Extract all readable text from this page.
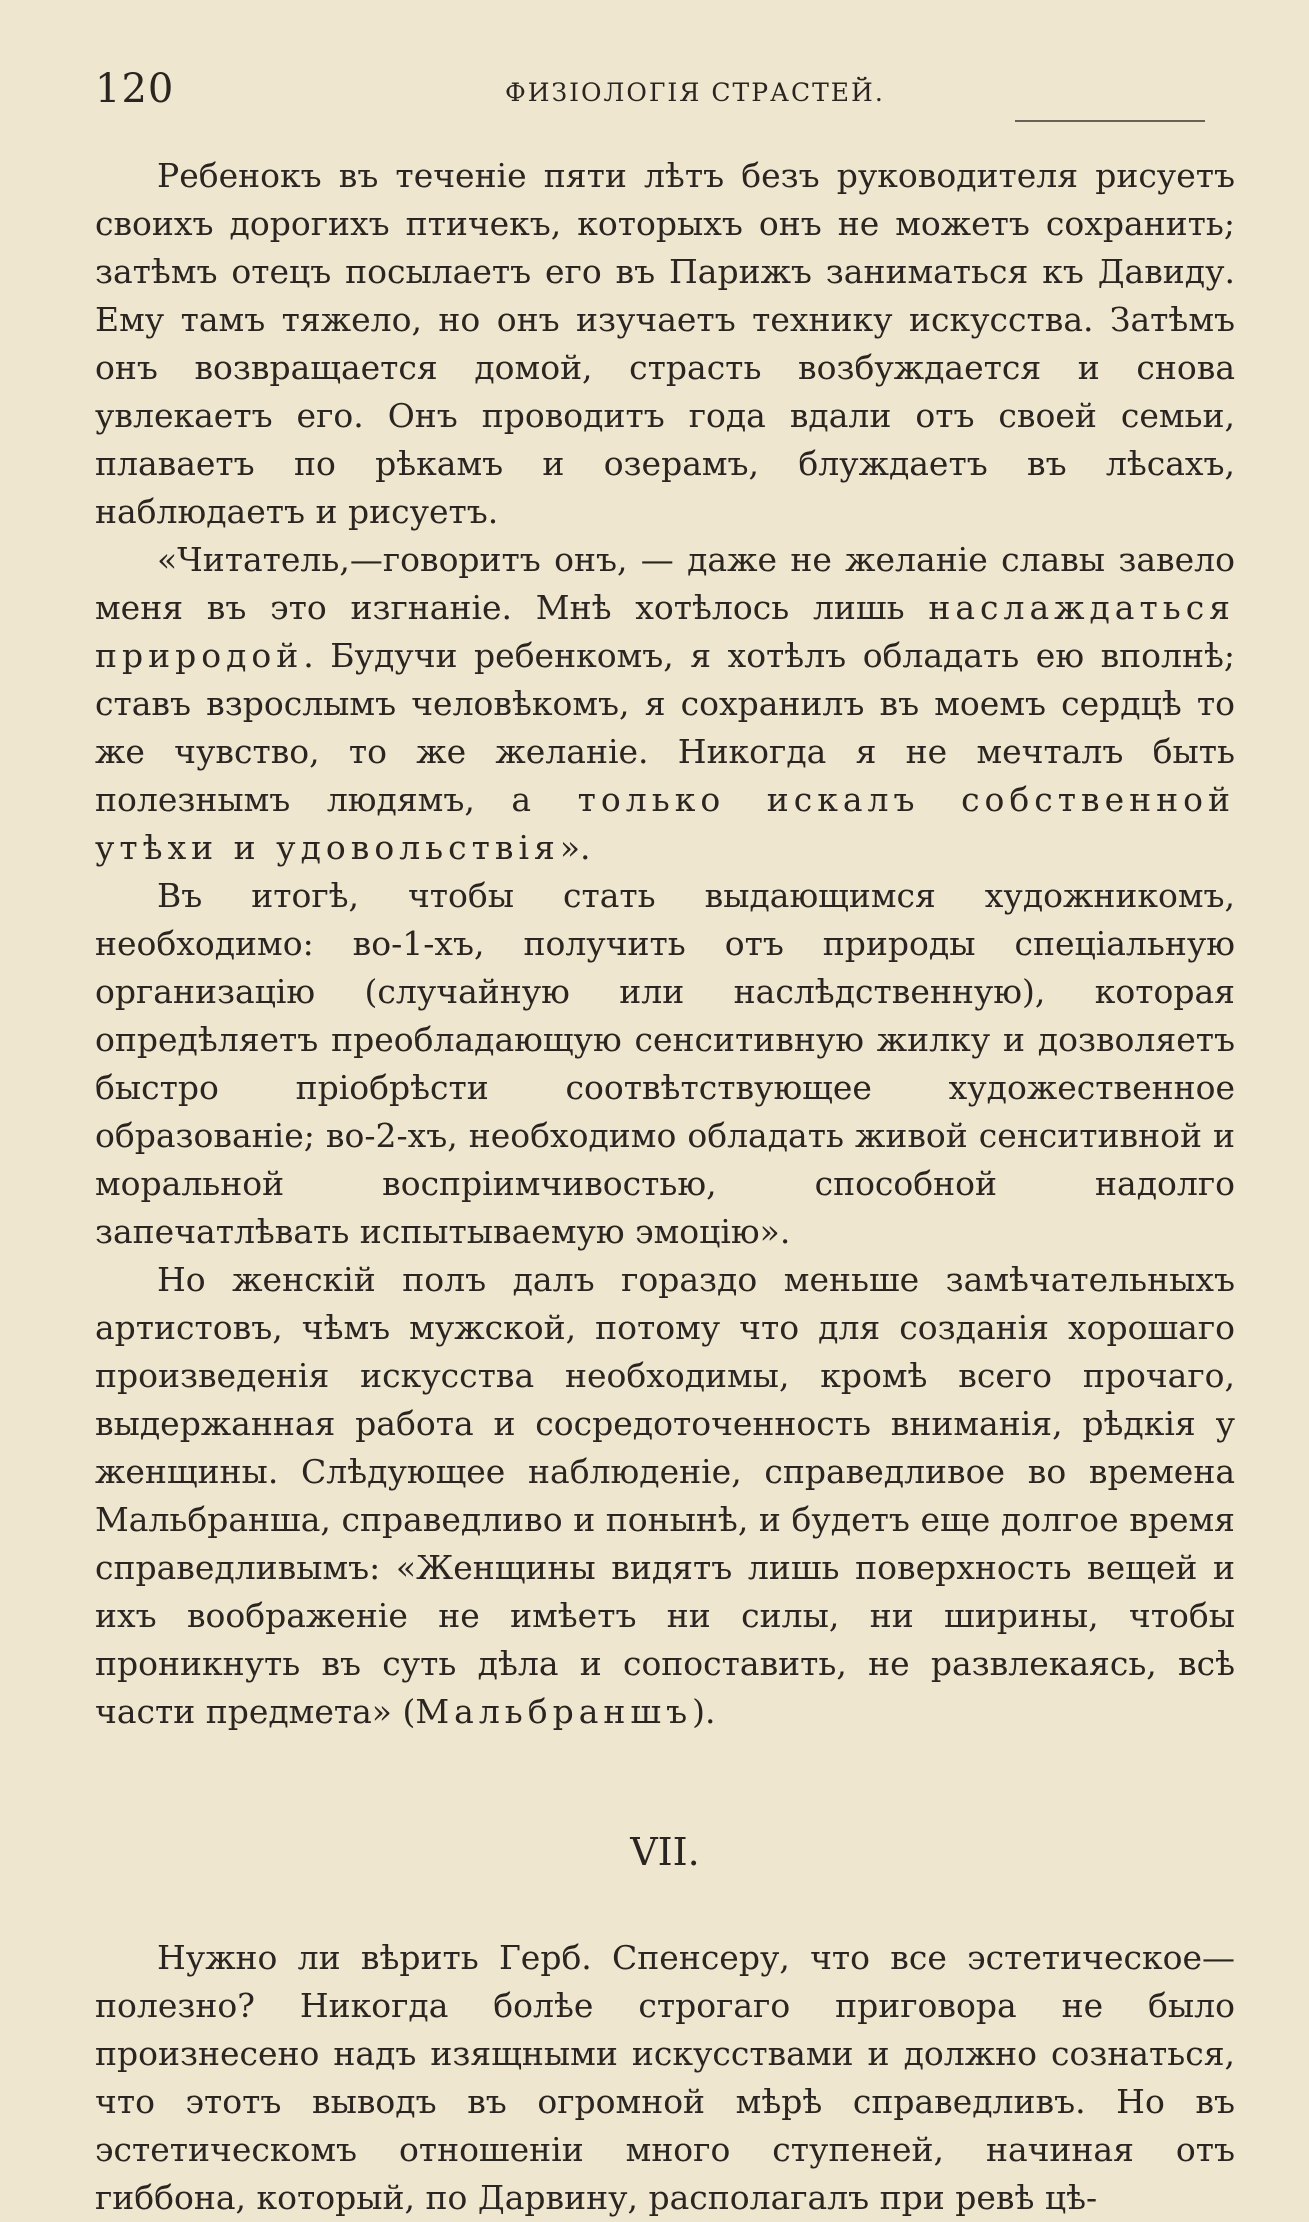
120	ФИЗІОЛОГІЯ СТРАСТЕЙ.

Ребенокъ въ теченіе пяти лѣтъ безъ руководителя рисуетъ своихъ дорогихъ птичекъ, которыхъ онъ не можетъ сохранить; затѣмъ отецъ посылаетъ его въ Парижъ заниматься къ Давиду. Ему тамъ тяжело, но онъ изучаетъ технику искусства. Затѣмъ онъ возвращается домой, страсть возбуждается и снова увлекаетъ его. Онъ проводитъ года вдали отъ своей семьи, плаваетъ по рѣкамъ и озерамъ, блуждаетъ въ лѣсахъ, наблюдаетъ и рисуетъ.

«Читатель,—говоритъ онъ, — даже не желаніе славы завело меня въ это изгнаніе. Мнѣ хотѣлось лишь наслаждаться природой. Будучи ребенкомъ, я хотѣлъ обладать ею вполнѣ; ставъ взрослымъ человѣкомъ, я сохранилъ въ моемъ сердцѣ то же чувство, то же желаніе. Никогда я не мечталъ быть полезнымъ людямъ, а только искалъ собственной утѣхи и удовольствія».

Въ итогѣ, чтобы стать выдающимся художникомъ, необходимо: во-1-хъ, получить отъ природы спеціальную организацію (случайную или наслѣдственную), которая опредѣляетъ преобладающую сенситивную жилку и дозволяетъ быстро пріобрѣсти соотвѣтствующее художественное образованіе; во-2-хъ, необходимо обладать живой сенситивной и моральной воспріимчивостью, способной надолго запечатлѣвать испытываемую эмоцію».

Но женскій полъ далъ гораздо меньше замѣчательныхъ артистовъ, чѣмъ мужской, потому что для созданія хорошаго произведенія искусства необходимы, кромѣ всего прочаго, выдержанная работа и сосредоточенность вниманія, рѣдкія у женщины. Слѣдующее наблюденіе, справедливое во времена Мальбранша, справедливо и понынѣ, и будетъ еще долгое время справедливымъ: «Женщины видятъ лишь поверхность вещей и ихъ воображеніе не имѣетъ ни силы, ни ширины, чтобы проникнуть въ суть дѣла и сопоставить, не развлекаясь, всѣ части предмета» (Мальбраншъ).

VII.

Нужно ли вѣрить Герб. Спенсеру, что все эстетическое—полезно? Никогда болѣе строгаго приговора не было произнесено надъ изящными искусствами и должно сознаться, что этотъ выводъ въ огромной мѣрѣ справедливъ. Но въ эстетическомъ отношеніи много ступеней, начиная отъ гиббона, который, по Дарвину, располагалъ при ревѣ цѣ-
